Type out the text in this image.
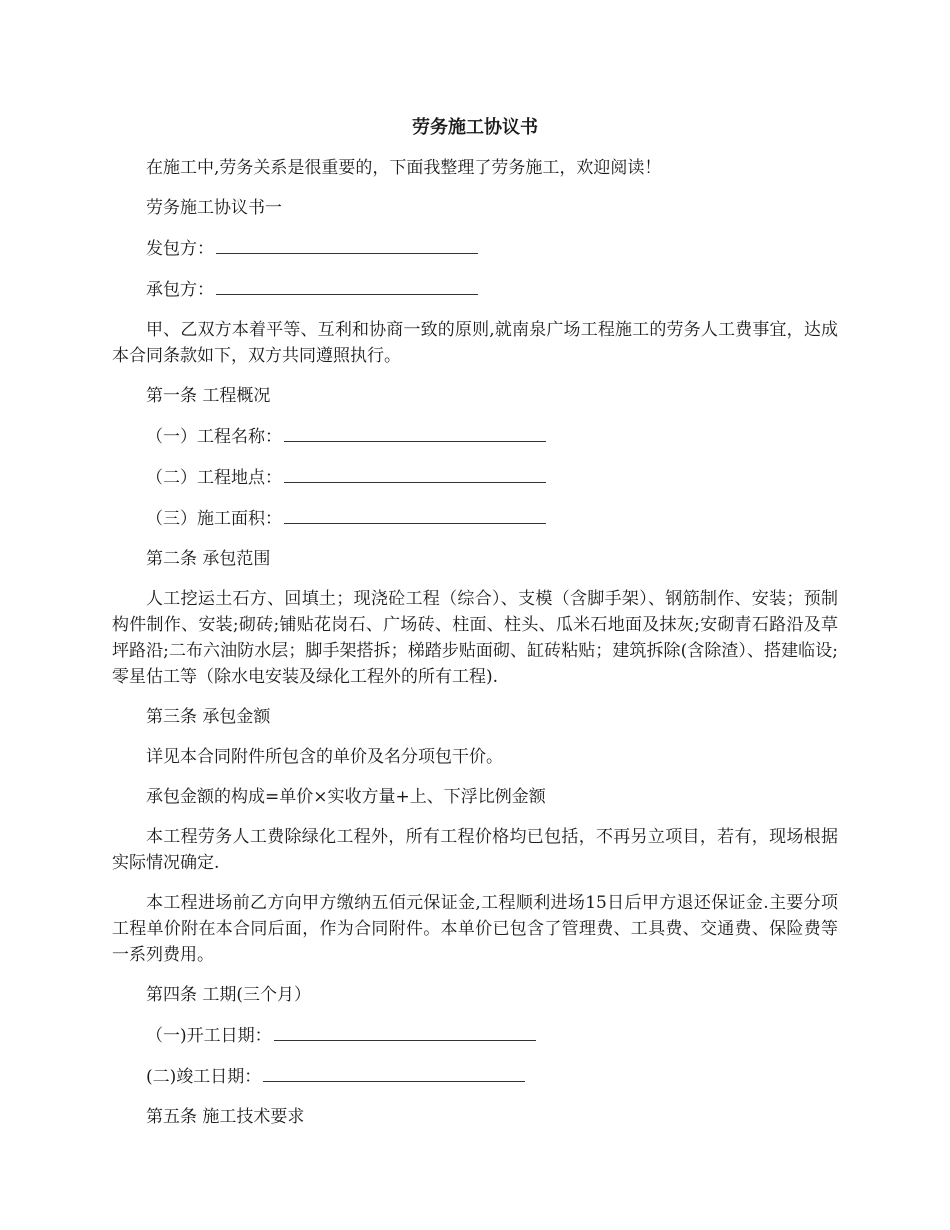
劳务施工协议书

在施工中,劳务关系是很重要的，下面我整理了劳务施工，欢迎阅读！

劳务施工协议书一

发包方：
承包方：

甲、乙双方本着平等、互利和协商一致的原则,就南泉广场工程施工的劳务人工费事宜，达成本合同条款如下，双方共同遵照执行。

第一条 工程概况

（一）工程名称：
（二）工程地点：
（三）施工面积：

第二条 承包范围

人工挖运土石方、回填土；现浇砼工程（综合）、支模（含脚手架）、钢筋制作、安装；预制构件制作、安装;砌砖;铺贴花岗石、广场砖、柱面、柱头、瓜米石地面及抹灰;安砌青石路沿及草坪路沿;二布六油防水层；脚手架搭拆；梯踏步贴面砌、缸砖粘贴；建筑拆除(含除渣）、搭建临设;零星估工等（除水电安装及绿化工程外的所有工程).

第三条 承包金额

详见本合同附件所包含的单价及名分项包干价。

承包金额的构成=单价×实收方量+上、下浮比例金额

本工程劳务人工费除绿化工程外，所有工程价格均已包括，不再另立项目，若有，现场根据实际情况确定.

本工程进场前乙方向甲方缴纳五佰元保证金,工程顺利进场15日后甲方退还保证金.主要分项工程单价附在本合同后面，作为合同附件。本单价已包含了管理费、工具费、交通费、保险费等一系列费用。

第四条 工期(三个月）

（一)开工日期：
(二)竣工日期：

第五条 施工技术要求
